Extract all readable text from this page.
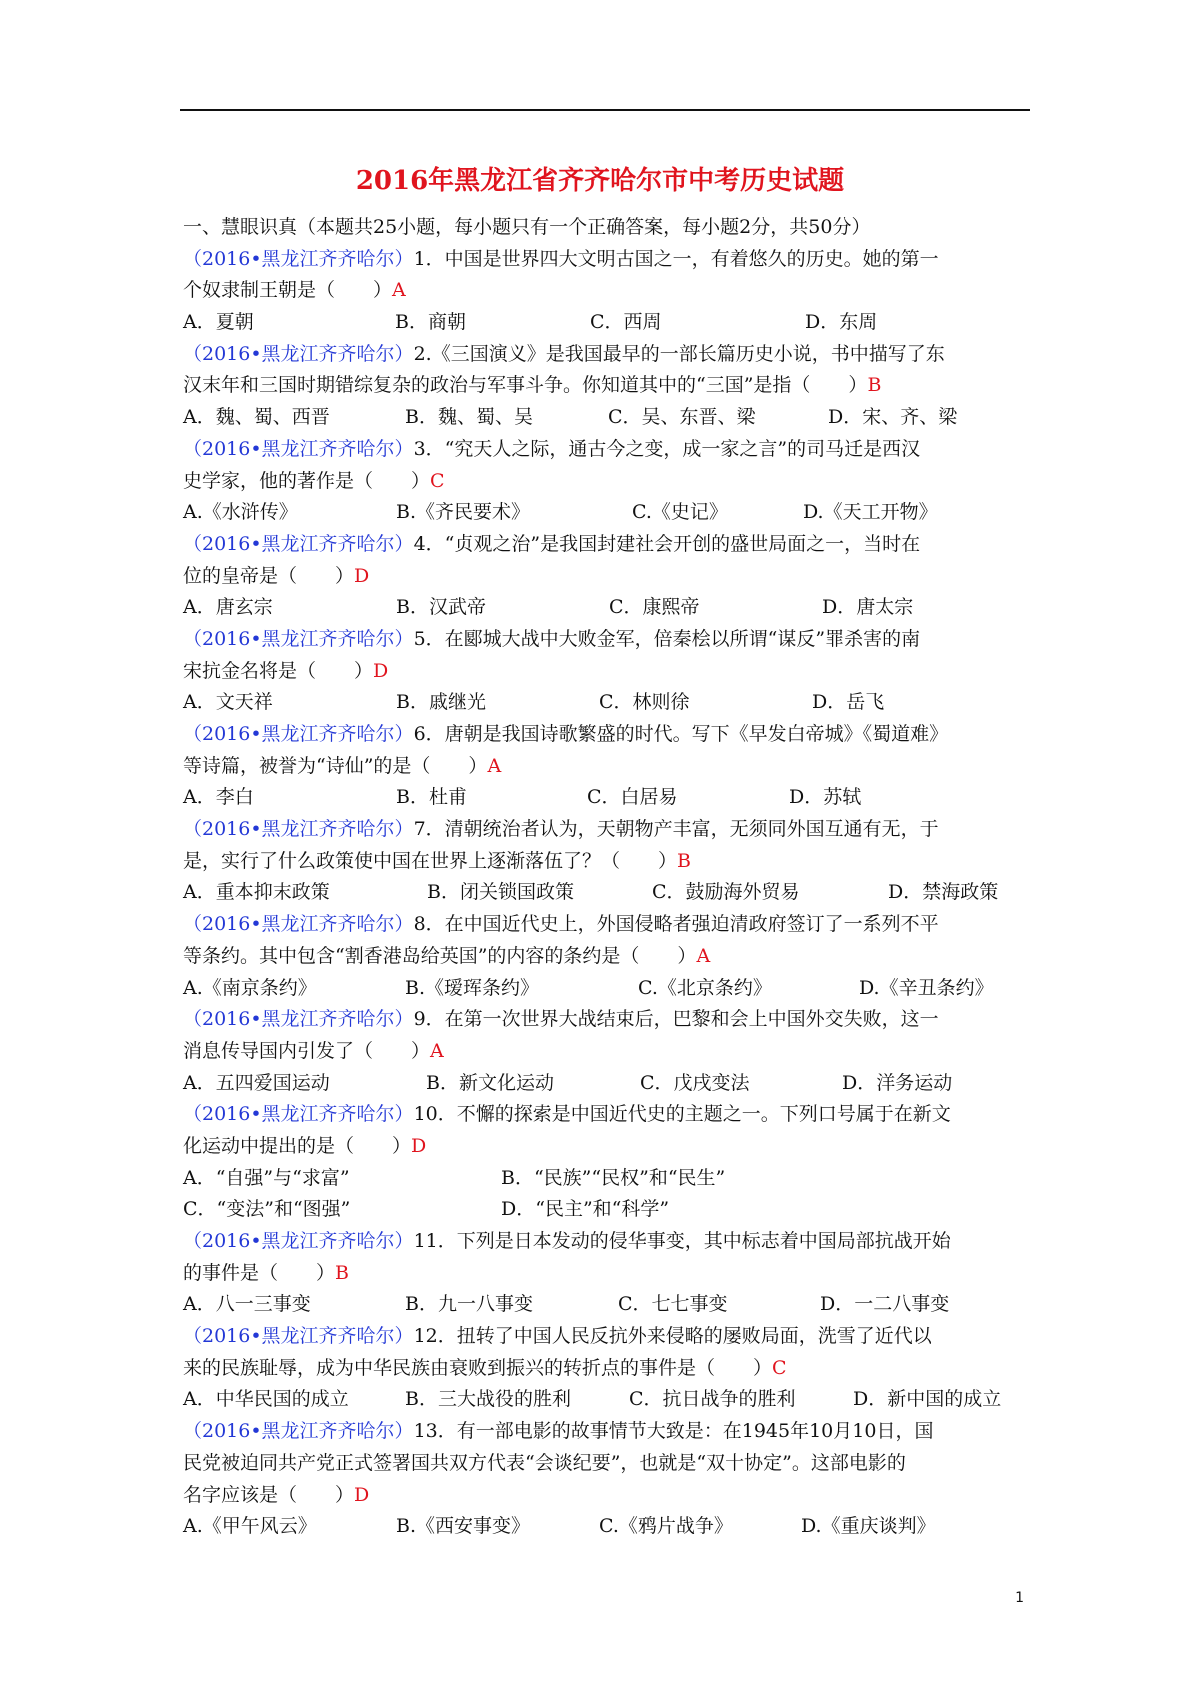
2016年黑龙江省齐齐哈尔市中考历史试题
一、慧眼识真（本题共25小题，每小题只有一个正确答案，每小题2分，共50分）
（2016•黑龙江齐齐哈尔）1．中国是世界四大文明古国之一，有着悠久的历史。她的第一
个奴隶制王朝是（　　）A
A．夏朝	B．商朝	C．西周	D．东周
（2016•黑龙江齐齐哈尔）2.《三国演义》是我国最早的一部长篇历史小说，书中描写了东
汉末年和三国时期错综复杂的政治与军事斗争。你知道其中的“三国”是指（　　）B
A．魏、蜀、西晋	B．魏、蜀、吴	C．吴、东晋、梁	D．宋、齐、梁
（2016•黑龙江齐齐哈尔）3．“究天人之际，通古今之变，成一家之言”的司马迁是西汉
史学家，他的著作是（　　）C
A.《水浒传》	B.《齐民要术》	C.《史记》	D.《天工开物》
（2016•黑龙江齐齐哈尔）4．“贞观之治”是我国封建社会开创的盛世局面之一，当时在
位的皇帝是（　　）D
A．唐玄宗	B．汉武帝	C．康熙帝	D．唐太宗
（2016•黑龙江齐齐哈尔）5．在郾城大战中大败金军，倍秦桧以所谓“谋反”罪杀害的南
宋抗金名将是（　　）D
A．文天祥	B．戚继光	C．林则徐	D．岳飞
（2016•黑龙江齐齐哈尔）6．唐朝是我国诗歌繁盛的时代。写下《早发白帝城》《蜀道难》
等诗篇，被誉为“诗仙”的是（　　）A
A．李白	B．杜甫	C．白居易	D．苏轼
（2016•黑龙江齐齐哈尔）7．清朝统治者认为，天朝物产丰富，无须同外国互通有无，于
是，实行了什么政策使中国在世界上逐渐落伍了？（　　）B
A．重本抑末政策	B．闭关锁国政策	C．鼓励海外贸易	D．禁海政策
（2016•黑龙江齐齐哈尔）8．在中国近代史上，外国侵略者强迫清政府签订了一系列不平
等条约。其中包含“割香港岛给英国”的内容的条约是（　　）A
A.《南京条约》	B.《瑷珲条约》	C.《北京条约》	D.《辛丑条约》
（2016•黑龙江齐齐哈尔）9．在第一次世界大战结束后，巴黎和会上中国外交失败，这一
消息传导国内引发了（　　）A
A．五四爱国运动	B．新文化运动	C．戊戌变法	D．洋务运动
（2016•黑龙江齐齐哈尔）10．不懈的探索是中国近代史的主题之一。下列口号属于在新文
化运动中提出的是（　　）D
A．“自强”与“求富”	B．“民族”“民权”和“民生”
C．“变法”和“图强”	D．“民主”和“科学”
（2016•黑龙江齐齐哈尔）11．下列是日本发动的侵华事变，其中标志着中国局部抗战开始
的事件是（　　）B
A．八一三事变	B．九一八事变	C．七七事变	D．一二八事变
（2016•黑龙江齐齐哈尔）12．扭转了中国人民反抗外来侵略的屡败局面，洗雪了近代以
来的民族耻辱，成为中华民族由衰败到振兴的转折点的事件是（　　）C
A．中华民国的成立	B．三大战役的胜利	C．抗日战争的胜利	D．新中国的成立
（2016•黑龙江齐齐哈尔）13．有一部电影的故事情节大致是：在1945年10月10日，国
民党被迫同共产党正式签署国共双方代表“会谈纪要”，也就是“双十协定”。这部电影的
名字应该是（　　）D
A.《甲午风云》	B.《西安事变》	C.《鸦片战争》	D.《重庆谈判》
1
